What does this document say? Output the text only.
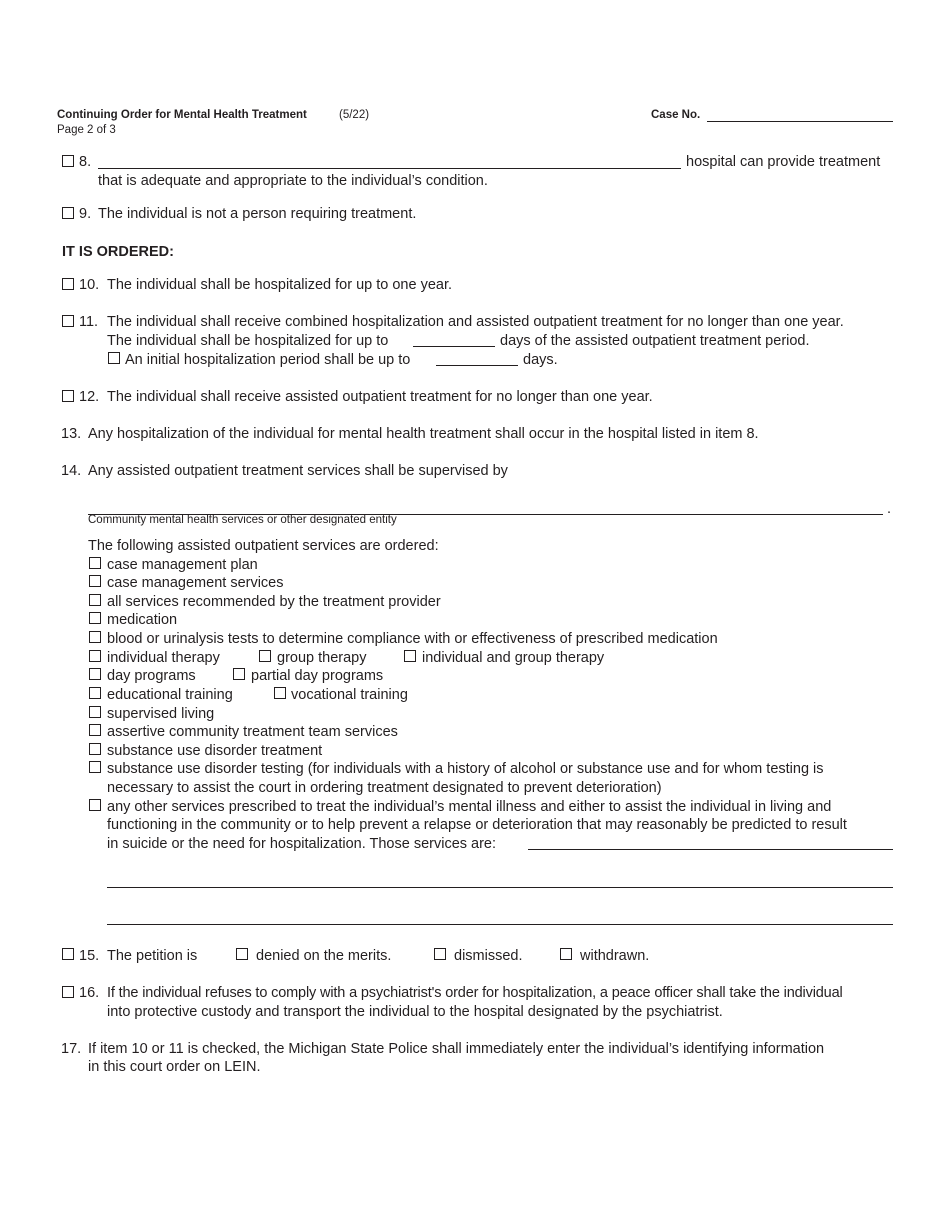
Continuing Order for Mental Health Treatment	(5/22)
Page 2 of 3
Case No.
8.	hospital can provide treatment
that is adequate and appropriate to the individual’s condition.
9. The individual is not a person requiring treatment.
IT IS ORDERED:
10. The individual shall be hospitalized for up to one year.
11. The individual shall receive combined hospitalization and assisted outpatient treatment for no longer than one year.
The individual shall be hospitalized for up to	days of the assisted outpatient treatment period.
An initial hospitalization period shall be up to	days.
12. The individual shall receive assisted outpatient treatment for no longer than one year.
13. Any hospitalization of the individual for mental health treatment shall occur in the hospital listed in item 8.
14. Any assisted outpatient treatment services shall be supervised by
.
Community mental health services or other designated entity
The following assisted outpatient services are ordered:
case management plan
case management services
all services recommended by the treatment provider
medication
blood or urinalysis tests to determine compliance with or effectiveness of prescribed medication
individual therapy	group therapy	individual and group therapy
day programs	partial day programs
educational training	vocational training
supervised living
assertive community treatment team services
substance use disorder treatment
substance use disorder testing (for individuals with a history of alcohol or substance use and for whom testing is
necessary to assist the court in ordering treatment designated to prevent deterioration)
any other services prescribed to treat the individual’s mental illness and either to assist the individual in living and
functioning in the community or to help prevent a relapse or deterioration that may reasonably be predicted to result
in suicide or the need for hospitalization. Those services are:
15. The petition is	denied on the merits.	dismissed.	withdrawn.
16. If the individual refuses to comply with a psychiatrist's order for hospitalization, a peace officer shall take the individual
into protective custody and transport the individual to the hospital designated by the psychiatrist.
17. If item 10 or 11 is checked, the Michigan State Police shall immediately enter the individual’s identifying information
in this court order on LEIN.
